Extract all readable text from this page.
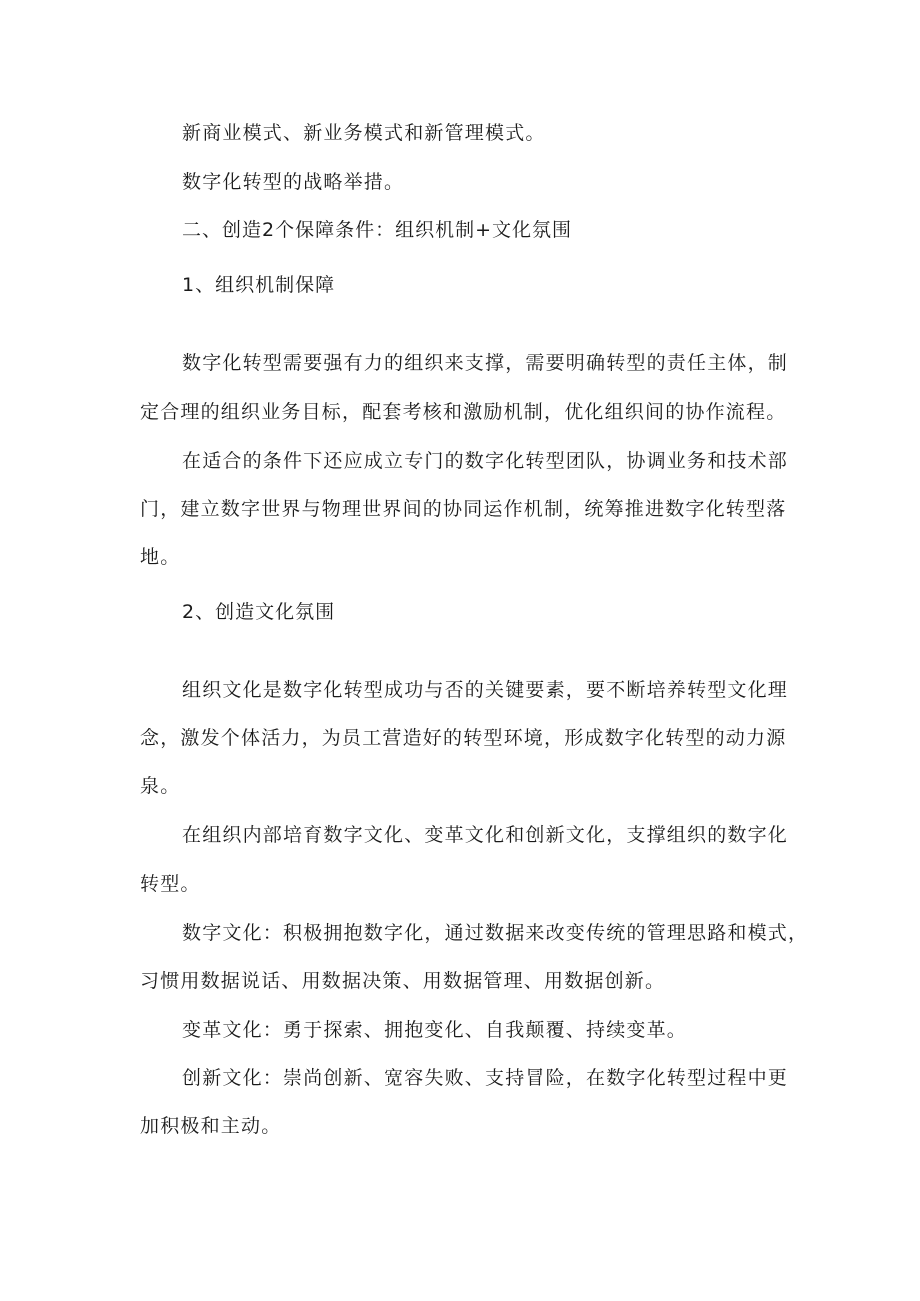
新商业模式、新业务模式和新管理模式。
数字化转型的战略举措。
二、创造2个保障条件：组织机制+文化氛围
1、组织机制保障
数字化转型需要强有力的组织来支撑，需要明确转型的责任主体，制
定合理的组织业务目标，配套考核和激励机制，优化组织间的协作流程。
在适合的条件下还应成立专门的数字化转型团队，协调业务和技术部
门，建立数字世界与物理世界间的协同运作机制，统筹推进数字化转型落
地。
2、创造文化氛围
组织文化是数字化转型成功与否的关键要素，要不断培养转型文化理
念，激发个体活力，为员工营造好的转型环境，形成数字化转型的动力源
泉。
在组织内部培育数字文化、变革文化和创新文化，支撑组织的数字化
转型。
数字文化：积极拥抱数字化，通过数据来改变传统的管理思路和模式，
习惯用数据说话、用数据决策、用数据管理、用数据创新。
变革文化：勇于探索、拥抱变化、自我颠覆、持续变革。
创新文化：崇尚创新、宽容失败、支持冒险，在数字化转型过程中更
加积极和主动。
